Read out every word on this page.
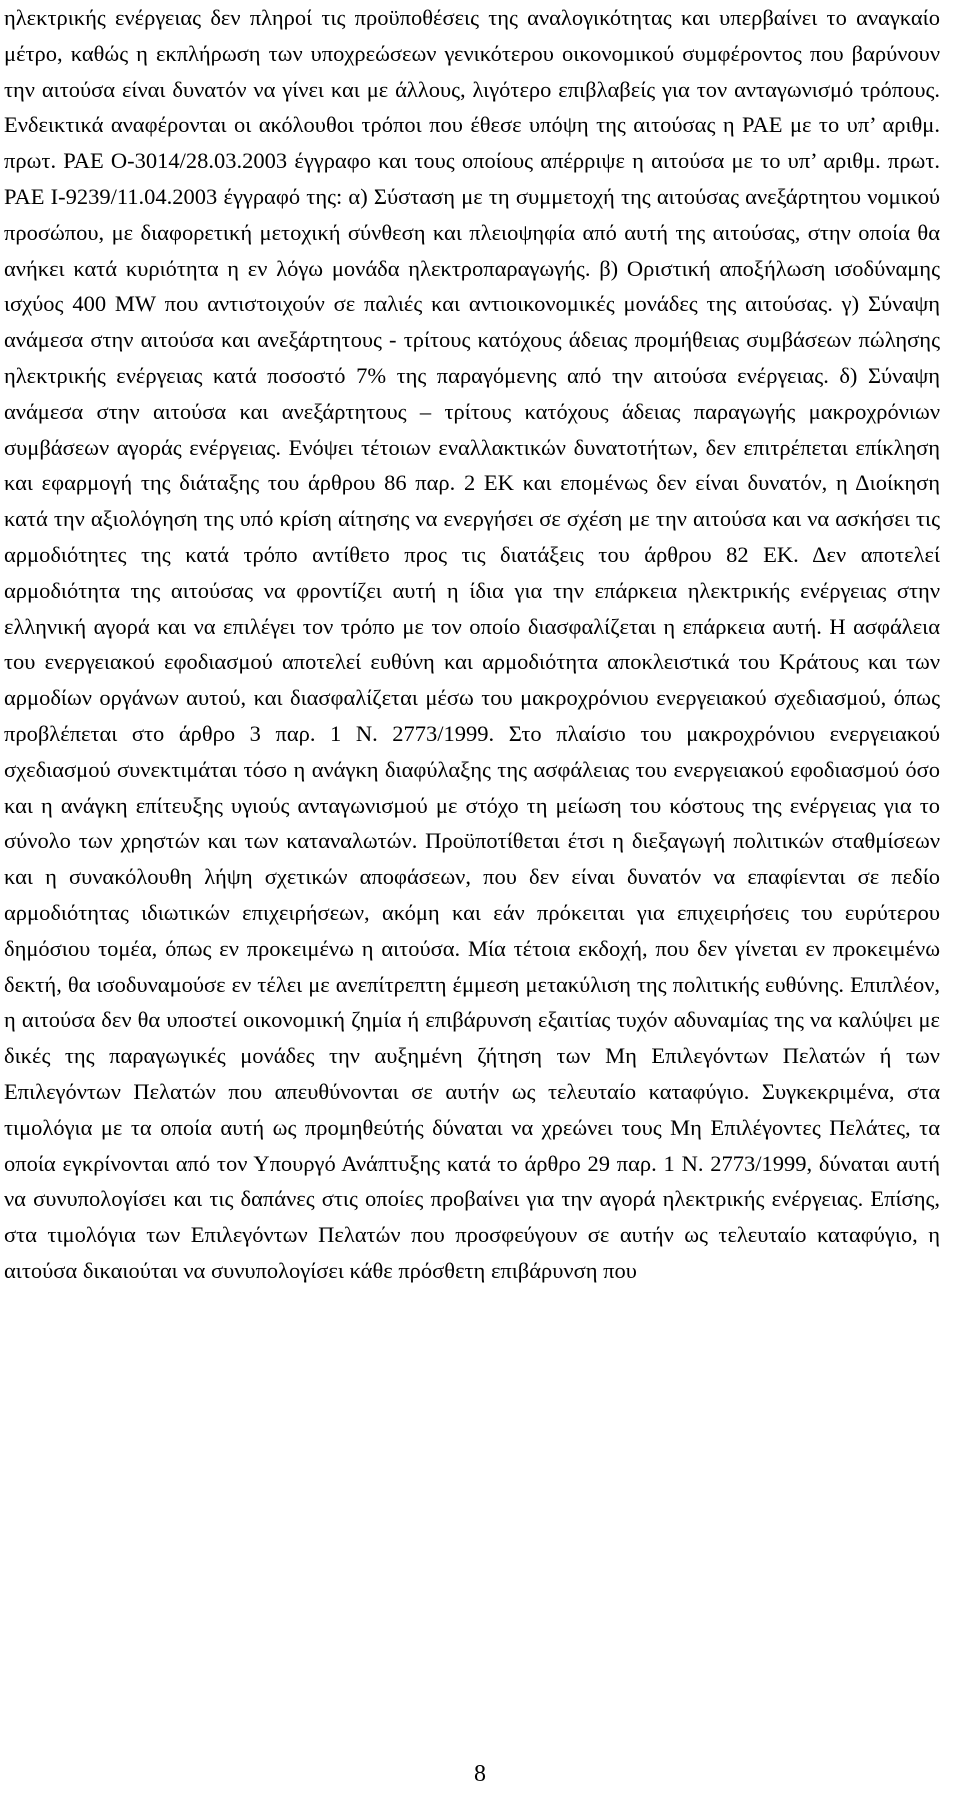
ηλεκτρικής ενέργειας δεν πληροί τις προϋποθέσεις της αναλογικότητας και υπερβαίνει το αναγκαίο μέτρο, καθώς η εκπλήρωση των υποχρεώσεων γενικότερου οικονομικού συμφέροντος που βαρύνουν την αιτούσα είναι δυνατόν να γίνει και με άλλους, λιγότερο επιβλαβείς για τον ανταγωνισμό τρόπους. Ενδεικτικά αναφέρονται οι ακόλουθοι τρόποι που έθεσε υπόψη της αιτούσας η ΡΑΕ με το υπ’ αριθμ. πρωτ. ΡΑΕ Ο-3014/28.03.2003 έγγραφο και τους οποίους απέρριψε η αιτούσα με το υπ’ αριθμ. πρωτ. ΡΑΕ Ι-9239/11.04.2003 έγγραφό της: α) Σύσταση με τη συμμετοχή της αιτούσας ανεξάρτητου νομικού προσώπου, με διαφορετική μετοχική σύνθεση και πλειοψηφία από αυτή της αιτούσας, στην οποία θα ανήκει κατά κυριότητα η εν λόγω μονάδα ηλεκτροπαραγωγής. β) Οριστική αποξήλωση ισοδύναμης ισχύος 400 MW που αντιστοιχούν σε παλιές και αντιοικονομικές μονάδες της αιτούσας. γ) Σύναψη ανάμεσα στην αιτούσα και ανεξάρτητους - τρίτους κατόχους άδειας προμήθειας συμβάσεων πώλησης ηλεκτρικής ενέργειας κατά ποσοστό 7% της παραγόμενης από την αιτούσα ενέργειας. δ) Σύναψη ανάμεσα στην αιτούσα και ανεξάρτητους – τρίτους κατόχους άδειας παραγωγής μακροχρόνιων συμβάσεων αγοράς ενέργειας. Ενόψει τέτοιων εναλλακτικών δυνατοτήτων, δεν επιτρέπεται επίκληση και εφαρμογή της διάταξης του άρθρου 86 παρ. 2 ΕΚ και επομένως δεν είναι δυνατόν, η Διοίκηση κατά την αξιολόγηση της υπό κρίση αίτησης να ενεργήσει σε σχέση με την αιτούσα και να ασκήσει τις αρμοδιότητες της κατά τρόπο αντίθετο προς τις διατάξεις του άρθρου 82 ΕΚ. Δεν αποτελεί αρμοδιότητα της αιτούσας να φροντίζει αυτή η ίδια για την επάρκεια ηλεκτρικής ενέργειας στην ελληνική αγορά και να επιλέγει τον τρόπο με τον οποίο διασφαλίζεται η επάρκεια αυτή. Η ασφάλεια του ενεργειακού εφοδιασμού αποτελεί ευθύνη και αρμοδιότητα αποκλειστικά του Κράτους και των αρμοδίων οργάνων αυτού, και διασφαλίζεται μέσω του μακροχρόνιου ενεργειακού σχεδιασμού, όπως προβλέπεται στο άρθρο 3 παρ. 1 Ν. 2773/1999. Στο πλαίσιο του μακροχρόνιου ενεργειακού σχεδιασμού συνεκτιμάται τόσο η ανάγκη διαφύλαξης της ασφάλειας του ενεργειακού εφοδιασμού όσο και η ανάγκη επίτευξης υγιούς ανταγωνισμού με στόχο τη μείωση του κόστους της ενέργειας για το σύνολο των χρηστών και των καταναλωτών. Προϋποτίθεται έτσι η διεξαγωγή πολιτικών σταθμίσεων και η συνακόλουθη λήψη σχετικών αποφάσεων, που δεν είναι δυνατόν να επαφίενται σε πεδίο αρμοδιότητας ιδιωτικών επιχειρήσεων, ακόμη και εάν πρόκειται για επιχειρήσεις του ευρύτερου δημόσιου τομέα, όπως εν προκειμένω η αιτούσα. Μία τέτοια εκδοχή, που δεν γίνεται εν προκειμένω δεκτή, θα ισοδυναμούσε εν τέλει με ανεπίτρεπτη έμμεση μετακύλιση της πολιτικής ευθύνης. Επιπλέον, η αιτούσα δεν θα υποστεί οικονομική ζημία ή επιβάρυνση εξαιτίας τυχόν αδυναμίας της να καλύψει με δικές της παραγωγικές μονάδες την αυξημένη ζήτηση των Μη Επιλεγόντων Πελατών ή των Επιλεγόντων Πελατών που απευθύνονται σε αυτήν ως τελευταίο καταφύγιο. Συγκεκριμένα, στα τιμολόγια με τα οποία αυτή ως προμηθεύτής δύναται να χρεώνει τους Μη Επιλέγοντες Πελάτες, τα οποία εγκρίνονται από τον Υπουργό Ανάπτυξης κατά το άρθρο 29 παρ. 1 Ν. 2773/1999, δύναται αυτή να συνυπολογίσει και τις δαπάνες στις οποίες προβαίνει για την αγορά ηλεκτρικής ενέργειας. Επίσης, στα τιμολόγια των Επιλεγόντων Πελατών που προσφεύγουν σε αυτήν ως τελευταίο καταφύγιο, η αιτούσα δικαιούται να συνυπολογίσει κάθε πρόσθετη επιβάρυνση που

8
